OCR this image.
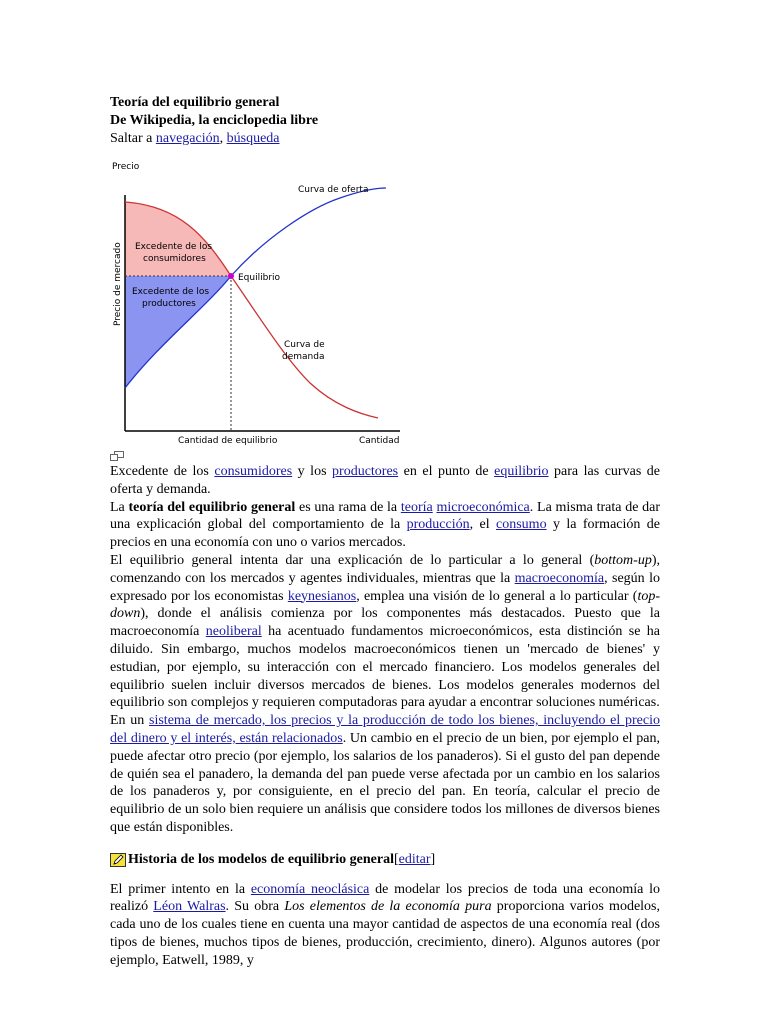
Teoría del equilibrio general
De Wikipedia, la enciclopedia libre
Saltar a navegación, búsqueda
Precio
Precio de mercado
Cantidad de equilibrio	Cantidad
Curva de oferta
Curva de
demanda
Equilibrio
Excedente de los
consumidores
Excedente de los
productores

Excedente de los consumidores y los productores en el punto de equilibrio para las curvas de oferta y demanda.

La teoría del equilibrio general es una rama de la teoría microeconómica. La misma trata de dar una explicación global del comportamiento de la producción, el consumo y la formación de precios en una economía con uno o varios mercados.

El equilibrio general intenta dar una explicación de lo particular a lo general (bottom-up), comenzando con los mercados y agentes individuales, mientras que la macroeconomía, según lo expresado por los economistas keynesianos, emplea una visión de lo general a lo particular (top-down), donde el análisis comienza por los componentes más destacados. Puesto que la macroeconomía neoliberal ha acentuado fundamentos microeconómicos, esta distinción se ha diluido. Sin embargo, muchos modelos macroeconómicos tienen un 'mercado de bienes' y estudian, por ejemplo, su interacción con el mercado financiero. Los modelos generales del equilibrio suelen incluir diversos mercados de bienes. Los modelos generales modernos del equilibrio son complejos y requieren computadoras para ayudar a encontrar soluciones numéricas.

En un sistema de mercado, los precios y la producción de todo los bienes, incluyendo el precio del dinero y el interés, están relacionados. Un cambio en el precio de un bien, por ejemplo el pan, puede afectar otro precio (por ejemplo, los salarios de los panaderos). Si el gusto del pan depende de quién sea el panadero, la demanda del pan puede verse afectada por un cambio en los salarios de los panaderos y, por consiguiente, en el precio del pan. En teoría, calcular el precio de equilibrio de un solo bien requiere un análisis que considere todos los millones de diversos bienes que están disponibles.

Historia de los modelos de equilibrio general [ editar ]

El primer intento en la economía neoclásica de modelar los precios de toda una economía lo realizó Léon Walras. Su obra Los elementos de la economía pura proporciona varios modelos, cada uno de los cuales tiene en cuenta una mayor cantidad de aspectos de una economía real (dos tipos de bienes, muchos tipos de bienes, producción, crecimiento, dinero). Algunos autores (por ejemplo, Eatwell, 1989, y
